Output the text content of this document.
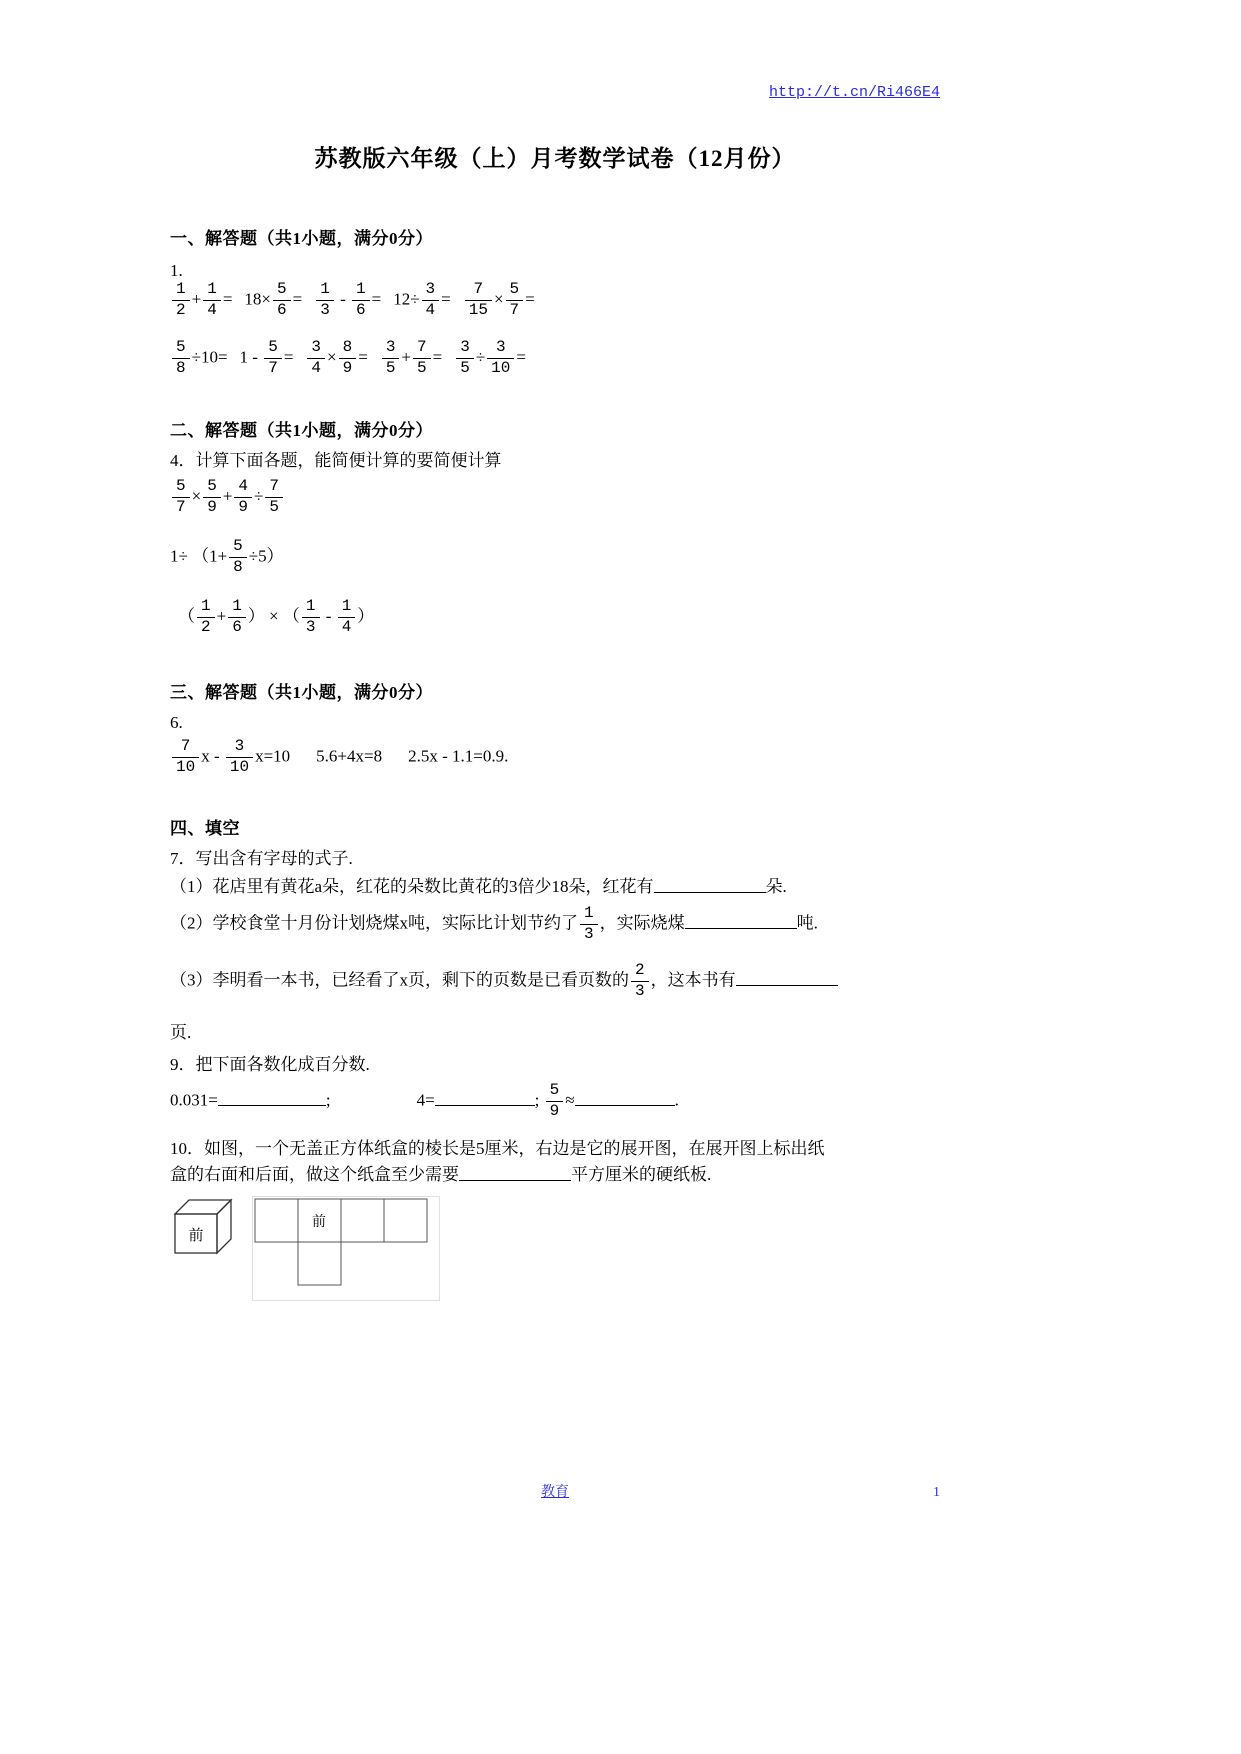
http://t.cn/Ri466E4
苏教版六年级（上）月考数学试卷（12月份）
一、解答题（共1小题，满分0分）
1.
$\frac{1}{2} + \frac{1}{4} = 18\times \frac{5}{6} = \frac{1}{3} - \frac{1}{6} = 12\div \frac{3}{4} = \frac{7}{15} \times \frac{5}{7}$ =
$\frac{5}{8} \div 10= 1 - \frac{5}{7} = \frac{3}{4} \times \frac{8}{9} = \frac{3}{5} + \frac{7}{5} = \frac{3}{5} \div \frac{3}{10}$ =
二、解答题（共1小题，满分0分）
4．计算下面各题，能简便计算的要简便计算
$\frac{5}{7} \times \frac{5}{9} + \frac{4}{9} \div \frac{7}{5}$
$1\div (1+ \frac{5}{8} \div 5)$
（ $\frac{1}{2} + \frac{1}{6}$ ） × （ $\frac{1}{3} - \frac{1}{4}$ ）
三、解答题（共1小题，满分0分）
6.
$\frac{7}{10}$ $x - \frac{3}{10} x=10$ 5.6+4x=8 2.5x - 1.1=0.9.
四、填空
7．写出含有字母的式子.
（1）花店里有黄花a朵，红花的朵数比黄花的3倍少18朵，红花有	朵.
（2）学校食堂十月份计划烧煤x吨，实际比计划节约了 $\frac{1}{3}$ ，实际烧煤	吨.
（3）李明看一本书，已经看了x页，剩下的页数是已看页数的 $\frac{2}{3}$ ，这本书有
页.
9．把下面各数化成百分数.
0.031=	;	4=	; $\frac{5}{9}$ ≈	.
10．如图，一个无盖正方体纸盒的棱长是5厘米，右边是它的展开图，在展开图上标出纸
盒的右面和后面，做这个纸盒至少需要	平方厘米的硬纸板.
前
前
教育	1
